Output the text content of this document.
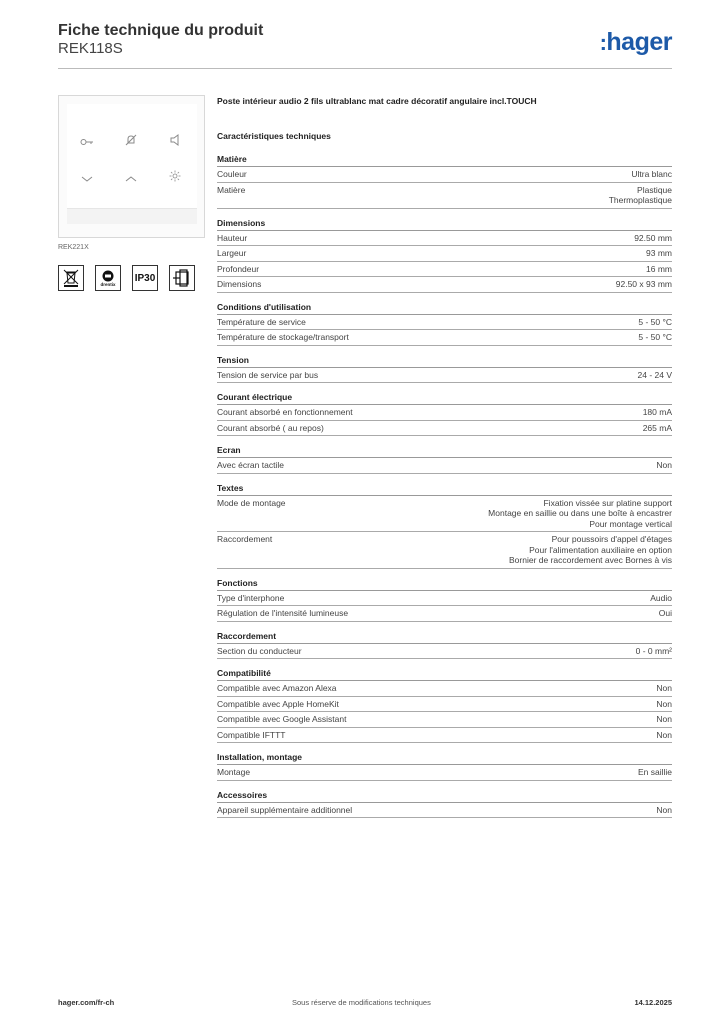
Fiche technique du produit
REK118S	:hager
REK221X
drentix
IP30
Poste intérieur audio 2 fils ultrablanc mat cadre décoratif angulaire incl.TOUCH
Caractéristiques techniques
Matière
Couleur	Ultra blanc
Matière	Plastique
Thermoplastique
Dimensions
Hauteur	92.50 mm
Largeur	93 mm
Profondeur	16 mm
Dimensions	92.50 x 93 mm
Conditions d'utilisation
Température de service	5 - 50 °C
Température de stockage/transport	5 - 50 °C
Tension
Tension de service par bus	24 - 24 V
Courant électrique
Courant absorbé en fonctionnement	180 mA
Courant absorbé ( au repos)	265 mA
Ecran
Avec écran tactile	Non
Textes
Mode de montage	Fixation vissée sur platine support
Montage en saillie ou dans une boîte à encastrer
Pour montage vertical
Raccordement	Pour poussoirs d'appel d'étages
Pour l'alimentation auxiliaire en option
Bornier de raccordement avec Bornes à vis
Fonctions
Type d'interphone	Audio
Régulation de l'intensité lumineuse	Oui
Raccordement
Section du conducteur	0 - 0 mm²
Compatibilité
Compatible avec Amazon Alexa	Non
Compatible avec Apple HomeKit	Non
Compatible avec Google Assistant	Non
Compatible IFTTT	Non
Installation, montage
Montage	En saillie
Accessoires
Appareil supplémentaire additionnel	Non
hager.com/fr-ch	Sous réserve de modifications techniques	14.12.2025
